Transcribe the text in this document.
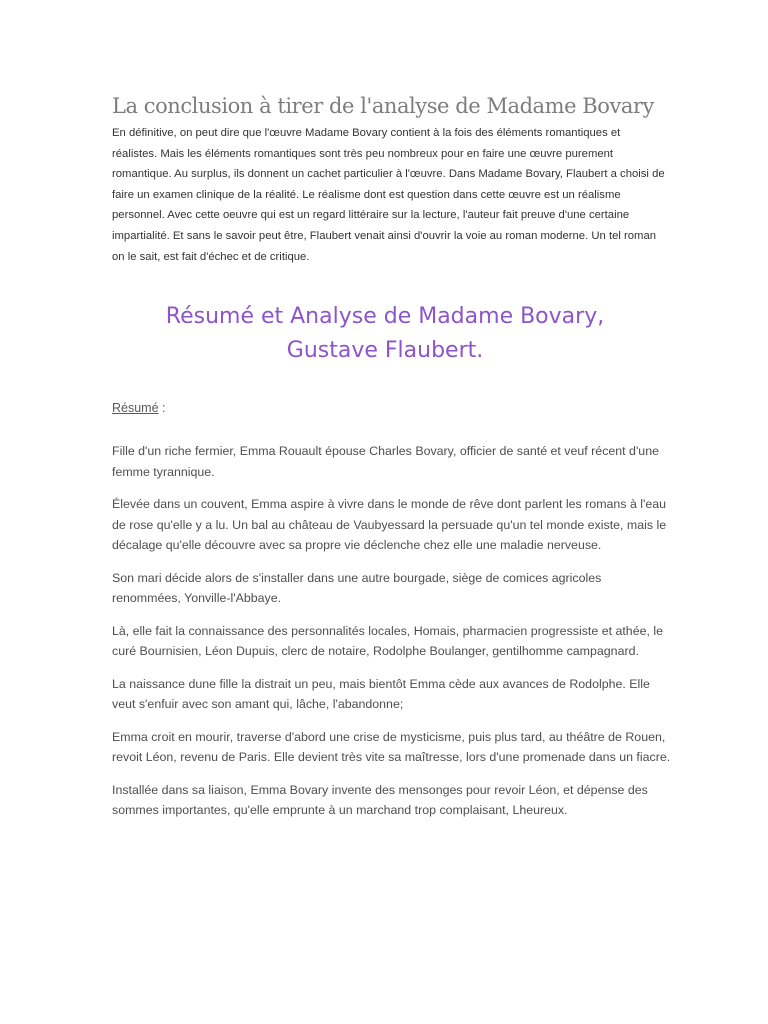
La conclusion à tirer de l'analyse de Madame Bovary

En définitive, on peut dire que l'œuvre Madame Bovary contient à la fois des éléments romantiques et réalistes. Mais les éléments romantiques sont très peu nombreux pour en faire une œuvre purement romantique. Au surplus, ils donnent un cachet particulier à l'œuvre. Dans Madame Bovary, Flaubert a choisi de faire un examen clinique de la réalité. Le réalisme dont est question dans cette œuvre est un réalisme personnel. Avec cette oeuvre qui est un regard littéraire sur la lecture, l'auteur fait preuve d'une certaine impartialité. Et sans le savoir peut être, Flaubert venait ainsi d'ouvrir la voie au roman moderne. Un tel roman on le sait, est fait d'échec et de critique.

Résumé et Analyse de Madame Bovary,
Gustave Flaubert.
Résumé :

Fille d'un riche fermier, Emma Rouault épouse Charles Bovary, officier de santé et veuf récent d'une femme tyrannique.

Élevée dans un couvent, Emma aspire à vivre dans le monde de rêve dont parlent les romans à l'eau de rose qu'elle y a lu. Un bal au château de Vaubyessard la persuade qu'un tel monde existe, mais le décalage qu'elle découvre avec sa propre vie déclenche chez elle une maladie nerveuse.

Son mari décide alors de s'installer dans une autre bourgade, siège de comices agricoles renommées, Yonville-l'Abbaye.

Là, elle fait la connaissance des personnalités locales, Homais, pharmacien progressiste et athée, le curé Bournisien, Léon Dupuis, clerc de notaire, Rodolphe Boulanger, gentilhomme campagnard.

La naissance dune fille la distrait un peu, mais bientôt Emma cède aux avances de Rodolphe. Elle veut s'enfuir avec son amant qui, lâche, l'abandonne;

Emma croit en mourir, traverse d'abord une crise de mysticisme, puis plus tard, au théâtre de Rouen, revoit Léon, revenu de Paris. Elle devient très vite sa maîtresse, lors d'une promenade dans un fiacre.

Installée dans sa liaison, Emma Bovary invente des mensonges pour revoir Léon, et dépense des sommes importantes, qu'elle emprunte à un marchand trop complaisant, Lheureux.
